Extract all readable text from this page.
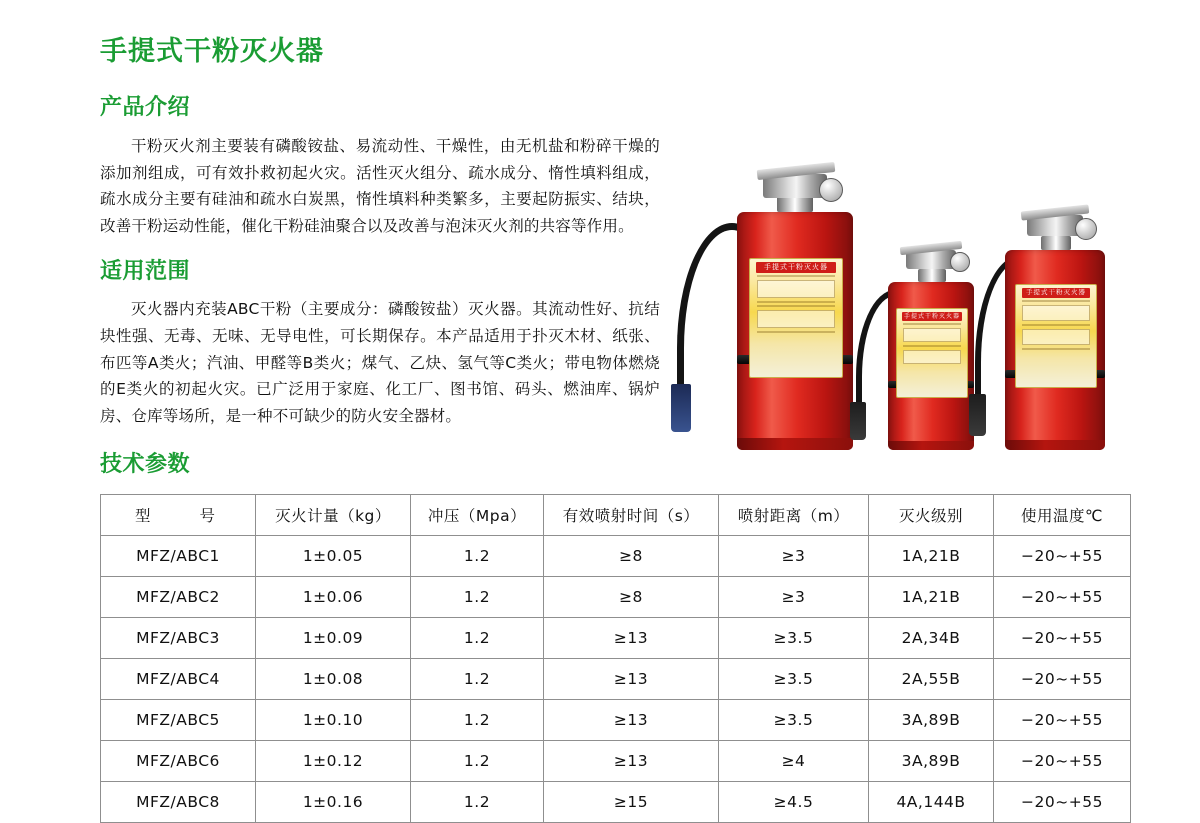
手提式干粉灭火器
手提式干粉灭火器
手提式干粉灭火器
手提式干粉灭火器
产品介绍

干粉灭火剂主要装有磷酸铵盐、易流动性、干燥性，由无机盐和粉碎干燥的添加剂组成，可有效扑救初起火灾。活性灭火组分、疏水成分、惰性填料组成，疏水成分主要有硅油和疏水白炭黑，惰性填料种类繁多，主要起防振实、结块，改善干粉运动性能，催化干粉硅油聚合以及改善与泡沫灭火剂的共容等作用。

适用范围

灭火器内充装ABC干粉（主要成分：磷酸铵盐）灭火器。其流动性好、抗结块性强、无毒、无味、无导电性，可长期保存。本产品适用于扑灭木材、纸张、布匹等A类火；汽油、甲醛等B类火；煤气、乙炔、氢气等C类火；带电物体燃烧的E类火的初起火灾。已广泛用于家庭、化工厂、图书馆、码头、燃油库、锅炉房、仓库等场所，是一种不可缺少的防火安全器材。

技术参数
型　　号	灭火计量（kg）	冲压（Mpa）	有效喷射时间（s）	喷射距离（m）	灭火级别	使用温度℃
MFZ/ABC1	1±0.05	1.2	≥8	≥3	1A,21B	−20~+55
MFZ/ABC2	1±0.06	1.2	≥8	≥3	1A,21B	−20~+55
MFZ/ABC3	1±0.09	1.2	≥13	≥3.5	2A,34B	−20~+55
MFZ/ABC4	1±0.08	1.2	≥13	≥3.5	2A,55B	−20~+55
MFZ/ABC5	1±0.10	1.2	≥13	≥3.5	3A,89B	−20~+55
MFZ/ABC6	1±0.12	1.2	≥13	≥4	3A,89B	−20~+55
MFZ/ABC8	1±0.16	1.2	≥15	≥4.5	4A,144B	−20~+55
